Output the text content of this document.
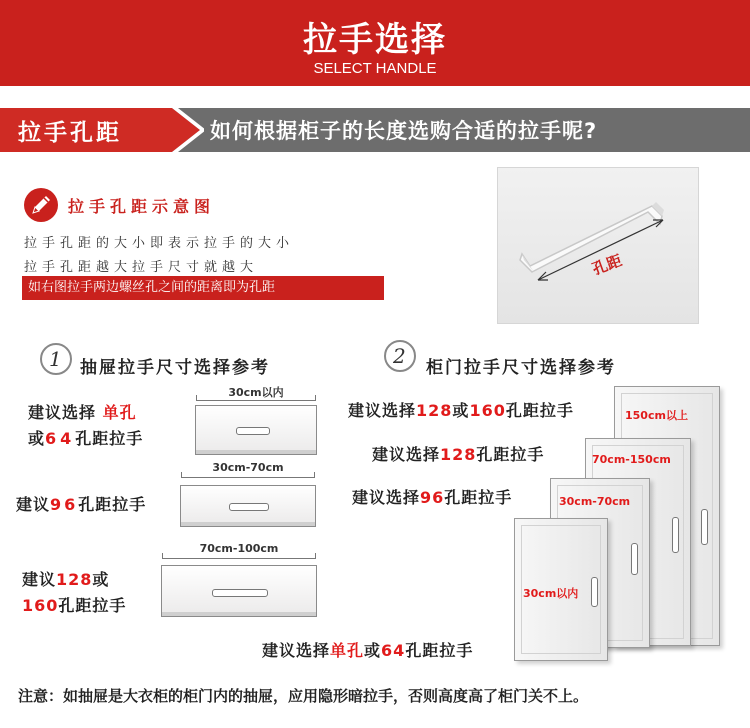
拉手选择
SELECT HANDLE
拉手孔距	如何根据柜子的长度选购合适的拉手呢?
拉手孔距示意图
拉手孔距的大小即表示拉手的大小
拉手孔距越大拉手尺寸就越大
如右图拉手两边螺丝孔之间的距离即为孔距
孔距
1 抽屉拉手尺寸选择参考	2 柜门拉手尺寸选择参考
建议选择 单孔
或64孔距拉手
30cm以内
建议96孔距拉手
30cm-70cm
建议128或
160孔距拉手
70cm-100cm
150cm以上
70cm-150cm
30cm-70cm
30cm以内
建议选择128或160孔距拉手
建议选择128孔距拉手
建议选择96孔距拉手
建议选择单孔或64孔距拉手
注意：如抽屉是大衣柜的柜门内的抽屉，应用隐形暗拉手，否则高度高了柜门关不上。
